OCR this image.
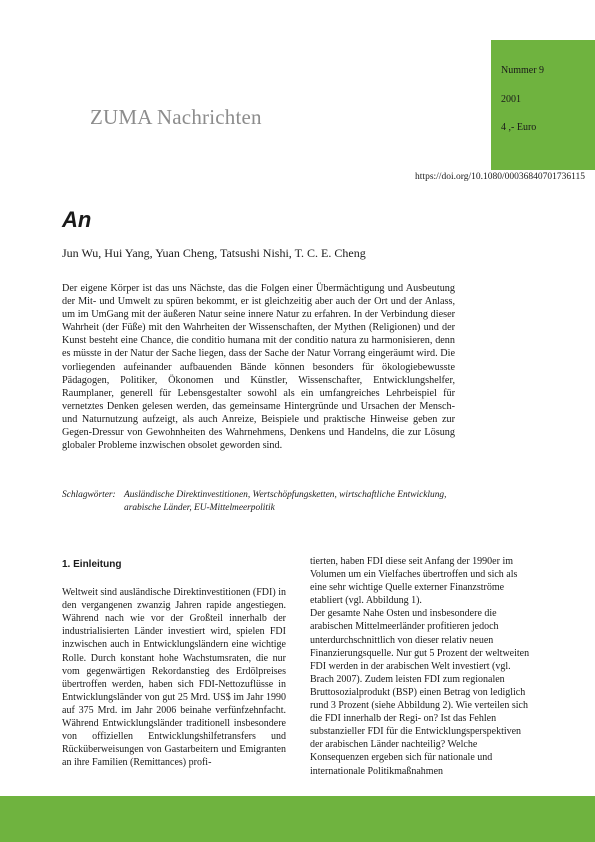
Nummer 9
2001
4 ,- Euro
ZUMA Nachrichten
https://doi.org/10.1080/00036840701736115
An
Jun Wu, Hui Yang, Yuan Cheng, Tatsushi Nishi, T. C. E. Cheng
Der eigene Körper ist das uns Nächste, das die Folgen einer Übermächtigung und Ausbeutung der Mit- und Umwelt zu spüren bekommt, er ist gleichzeitig aber auch der Ort und der Anlass, um im UmGang mit der äußeren Natur seine innere Natur zu erfahren. In der Verbindung dieser Wahrheit (der Füße) mit den Wahrheiten der Wissenschaften, der Mythen (Religionen) und der Kunst besteht eine Chance, die conditio humana mit der conditio natura zu harmonisieren, denn es müsste in der Natur der Sache liegen, dass der Sache der Natur Vorrang eingeräumt wird. Die vorliegenden aufeinander aufbauenden Bände können besonders für ökologiebewusste Pädagogen, Politiker, Ökonomen und Künstler, Wissenschafter, Entwicklungshelfer, Raumplaner, generell für Lebensgestalter sowohl als ein umfangreiches Lehrbeispiel für vernetztes Denken gelesen werden, das gemeinsame Hintergründe und Ursachen der Mensch- und Naturnutzung aufzeigt, als auch Anreize, Beispiele und praktische Hinweise geben zur Gegen-Dressur von Gewohnheiten des Wahrnehmens, Denkens und Handelns, die zur Lösung globaler Probleme inzwischen obsolet geworden sind.
Schlagwörter: Ausländische Direktinvestitionen, Wertschöpfungsketten, wirtschaftliche Entwicklung, arabische Länder, EU-Mittelmeerpolitik
1. Einleitung

Weltweit sind ausländische Direktinvestitionen (FDI) in den vergangenen zwanzig Jahren rapide angestiegen. Während nach wie vor der Großteil innerhalb der industrialisierten Länder investiert wird, spielen FDI inzwischen auch in Entwicklungsländern eine wichtige Rolle. Durch konstant hohe Wachstumsraten, die nur vom gegenwärtigen Rekordanstieg des Erdölpreises übertroffen werden, haben sich FDI-Nettozuflüsse in Entwicklungsländer von gut 25 Mrd. US$ im Jahr 1990 auf 375 Mrd. im Jahr 2006 beinahe verfünfzehnfacht. Während Entwicklungsländer traditionell insbesondere von offiziellen Entwicklungshilfetransfers und Rücküberweisungen von Gastarbeitern und Emigranten an ihre Familien (Remittances) profi-

tierten, haben FDI diese seit Anfang der 1990er im Volumen um ein Vielfaches übertroffen und sich als eine sehr wichtige Quelle externer Finanzströme etabliert (vgl. Abbildung 1).

Der gesamte Nahe Osten und insbesondere die arabischen Mittelmeerländer profitieren jedoch unterdurchschnittlich von dieser relativ neuen Finanzierungsquelle. Nur gut 5 Prozent der weltweiten FDI werden in der arabischen Welt investiert (vgl. Brach 2007). Zudem leisten FDI zum regionalen Bruttosozialprodukt (BSP) einen Betrag von lediglich rund 3 Prozent (siehe Abbildung 2). Wie verteilen sich die FDI innerhalb der Regi- on? Ist das Fehlen substanzieller FDI für die Entwicklungsperspektiven der arabischen Länder nachteilig? Welche Konsequenzen ergeben sich für nationale und internationale Politikmaßnahmen
